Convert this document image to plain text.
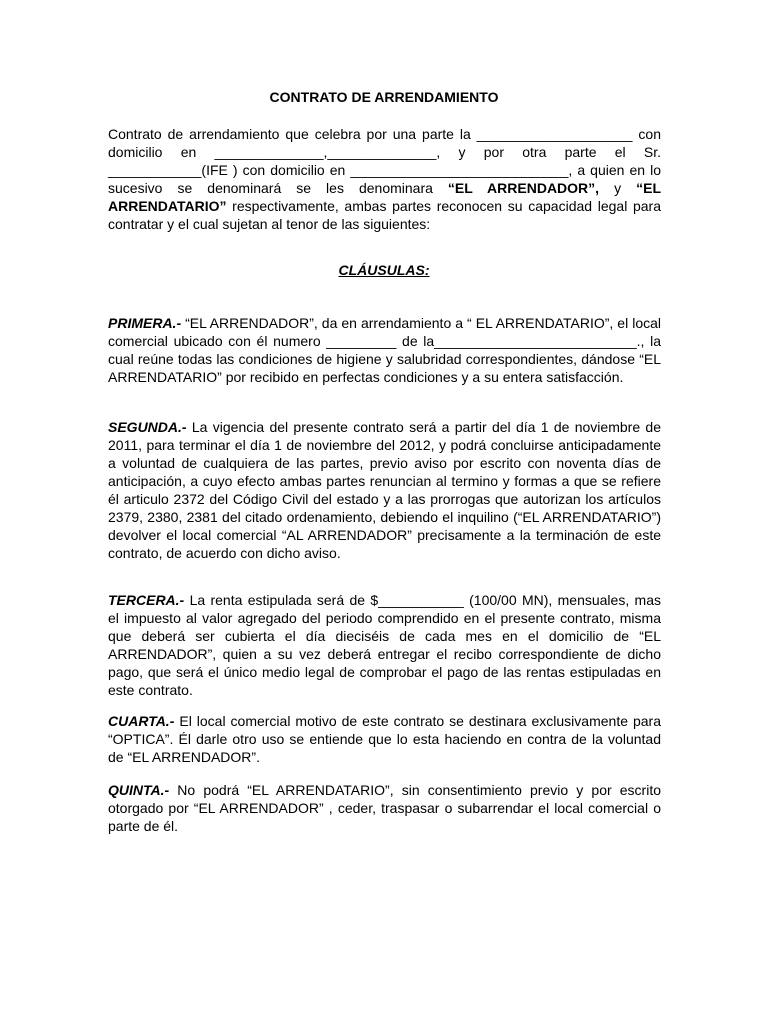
CONTRATO DE ARRENDAMIENTO
Contrato de arrendamiento que celebra por una parte la ____________________ con domicilio en ______________,______________, y por otra parte el Sr. ____________(IFE ) con domicilio en ____________________________, a quien en lo sucesivo se denominará se les denominara “EL ARRENDADOR”, y “EL ARRENDATARIO” respectivamente, ambas partes reconocen su capacidad legal para contratar y el cual sujetan al tenor de las siguientes:
CLÁUSULAS:
PRIMERA.- “EL ARRENDADOR”, da en arrendamiento a “ EL ARRENDATARIO”, el local comercial ubicado con él numero _________ de la__________________________., la cual reúne todas las condiciones de higiene y salubridad correspondientes, dándose “EL ARRENDATARIO” por recibido en perfectas condiciones y a su entera satisfacción.
SEGUNDA.- La vigencia del presente contrato será a partir del día 1 de noviembre de 2011, para terminar el día 1 de noviembre del 2012, y podrá concluirse anticipadamente a voluntad de cualquiera de las partes, previo aviso por escrito con noventa días de anticipación, a cuyo efecto ambas partes renuncian al termino y formas a que se refiere él articulo 2372 del Código Civil del estado y a las prorrogas que autorizan los artículos 2379, 2380, 2381 del citado ordenamiento, debiendo el inquilino (“EL ARRENDATARIO”) devolver el local comercial “AL ARRENDADOR” precisamente a la terminación de este contrato, de acuerdo con dicho aviso.
TERCERA.- La renta estipulada será de $___________ (100/00 MN), mensuales, mas el impuesto al valor agregado del periodo comprendido en el presente contrato, misma que deberá ser cubierta el día dieciséis de cada mes en el domicilio de “EL ARRENDADOR”, quien a su vez deberá entregar el recibo correspondiente de dicho pago, que será el único medio legal de comprobar el pago de las rentas estipuladas en este contrato.
CUARTA.- El local comercial motivo de este contrato se destinara exclusivamente para “OPTICA”. Él darle otro uso se entiende que lo esta haciendo en contra de la voluntad de “EL ARRENDADOR”.
QUINTA.- No podrá “EL ARRENDATARIO”, sin consentimiento previo y por escrito otorgado por “EL ARRENDADOR” , ceder, traspasar o subarrendar el local comercial o parte de él.
